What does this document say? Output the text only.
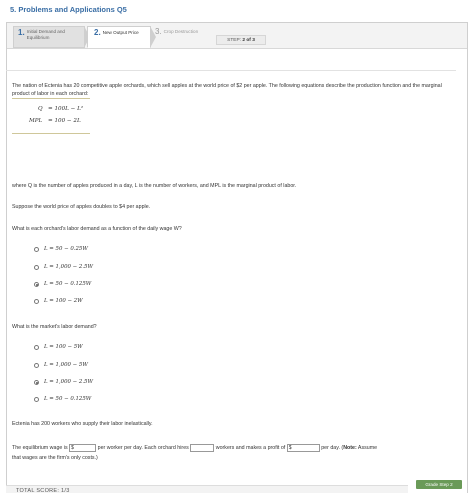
5. Problems and Applications Q5
1. Initial Demand and Equilibrium
2. New Output Price 3. Crop Destruction
STEP: 2 of 3
The nation of Ectenia has 20 competitive apple orchards, which sell apples at the world price of $2 per apple. The following equations describe the production function and the marginal product of labor in each orchard:
Q = 100L − L²
MPL = 100 − 2L
where Q is the number of apples produced in a day, L is the number of workers, and MPL is the marginal product of labor.
Suppose the world price of apples doubles to $4 per apple.
What is each orchard's labor demand as a function of the daily wage W?
L = 50 − 0.25W
L = 1,000 − 2.5W
L = 50 − 0.125W
L = 100 − 2W
What is the market's labor demand?
L = 100 − 5W
L = 1,000 − 5W
L = 1,000 − 2.5W
L = 50 − 0.125W
Ectenia has 200 workers who supply their labor inelastically.
The equilibrium wage is $	per worker per day. Each orchard hires	workers and makes a profit of $	per day. (Note: Assume
that wages are the firm's only costs.)
TOTAL SCORE: 1/3
Grade Step 2
